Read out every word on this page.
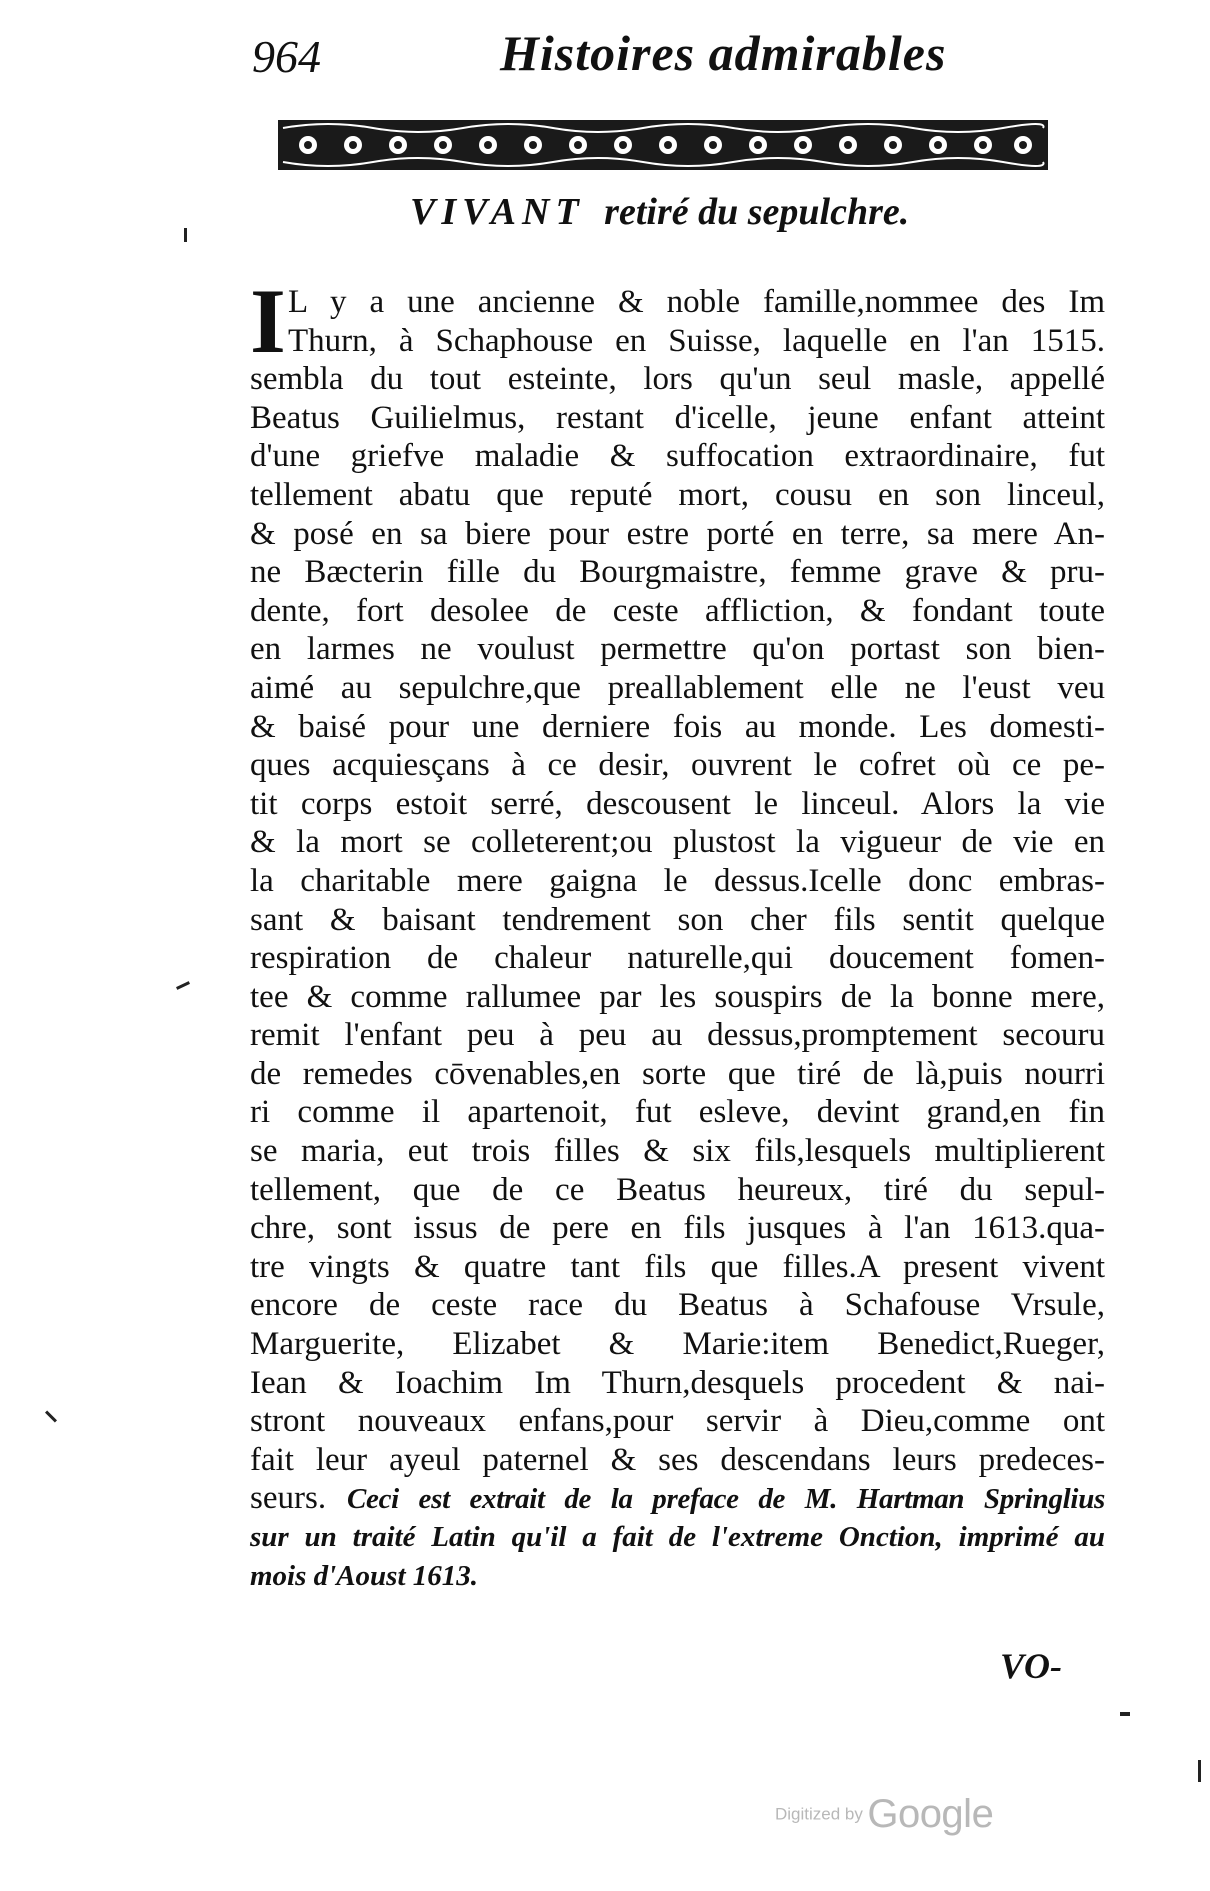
964	Histoires admirables
VIVANT retiré du sepulchre.
I L y a une ancienne & noble famille,nommee des Im
Thurn, à Schaphouse en Suisse, laquelle en l'an 1515.
sembla du tout esteinte, lors qu'un seul masle, appellé
Beatus Guilielmus, restant d'icelle, jeune enfant atteint
d'une griefve maladie & suffocation extraordinaire, fut
tellement abatu que reputé mort, cousu en son linceul,
& posé en sa biere pour estre porté en terre, sa mere An-
ne Bæcterin fille du Bourgmaistre, femme grave & pru-
dente, fort desolee de ceste affliction, & fondant toute
en larmes ne voulust permettre qu'on portast son bien-
aimé au sepulchre,que preallablement elle ne l'eust veu
& baisé pour une derniere fois au monde. Les domesti-
ques acquiesçans à ce desir, ouvrent le cofret où ce pe-
tit corps estoit serré, descousent le linceul. Alors la vie
& la mort se colleterent;ou plustost la vigueur de vie en
la charitable mere gaigna le dessus.Icelle donc embras-
sant & baisant tendrement son cher fils sentit quelque
respiration de chaleur naturelle,qui doucement fomen-
tee & comme rallumee par les souspirs de la bonne mere,
remit l'enfant peu à peu au dessus,promptement secouru
de remedes cōvenables,en sorte que tiré de là,puis nourri
ri comme il apartenoit, fut esleve, devint grand,en fin
se maria, eut trois filles & six fils,lesquels multiplierent
tellement, que de ce Beatus heureux, tiré du sepul-
chre, sont issus de pere en fils jusques à l'an 1613.qua-
tre vingts & quatre tant fils que filles.A present vivent
encore de ceste race du Beatus à Schafouse Vrsule,
Marguerite, Elizabet & Marie:item Benedict,Rueger,
Iean & Ioachim Im Thurn,desquels procedent & nai-
stront nouveaux enfans,pour servir à Dieu,comme ont
fait leur ayeul paternel & ses descendans leurs predeces-
seurs. Ceci est extrait de la preface de M. Hartman Springlius
sur un traité Latin qu'il a fait de l'extreme Onction, imprimé au
mois d'Aoust 1613.
VO-
Digitized by Google
